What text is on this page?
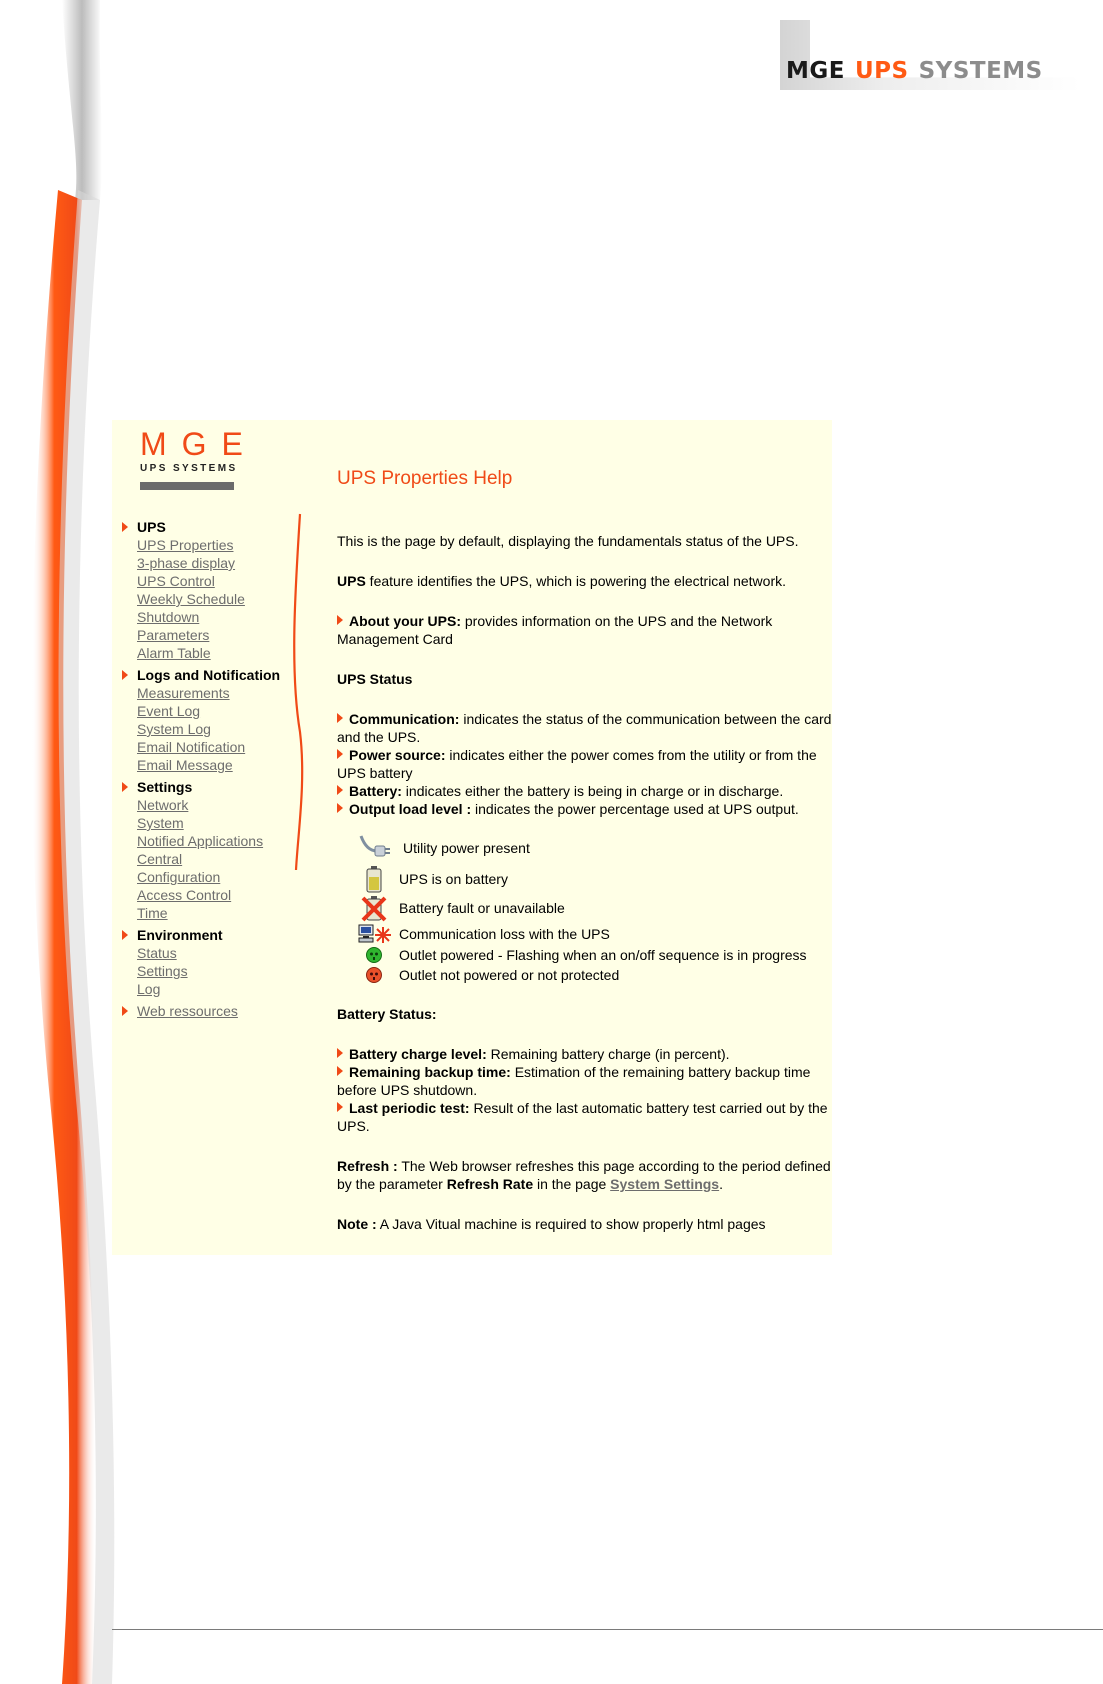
MGE UPS SYSTEMS
MGE
UPS SYSTEMS
UPS
UPS Properties
3-phase display
UPS Control
Weekly Schedule
Shutdown
Parameters
Alarm Table
Logs and Notification
Measurements
Event Log
System Log
Email Notification
Email Message
Settings
Network
System
Notified Applications
Central
Configuration
Access Control
Time
Environment
Status
Settings
Log
Web ressources
UPS Properties Help

This is the page by default, displaying the fundamentals status of the UPS.

UPS feature identifies the UPS, which is powering the electrical network.

About your UPS: provides information on the UPS and the Network Management Card

UPS Status

Communication: indicates the status of the communication between the card and the UPS.

Power source: indicates either the power comes from the utility or from the UPS battery

Battery: indicates either the battery is being in charge or in discharge.

Output load level : indicates the power percentage used at UPS output.

Utility power present
UPS is on battery
Battery fault or unavailable
Communication loss with the UPS
Outlet powered - Flashing when an on/off sequence is in progress
Outlet not powered or not protected

Battery Status:

Battery charge level: Remaining battery charge (in percent).

Remaining backup time: Estimation of the remaining battery backup time before UPS shutdown.

Last periodic test: Result of the last automatic battery test carried out by the UPS.

Refresh : The Web browser refreshes this page according to the period defined by the parameter Refresh Rate in the page System Settings.

Note : A Java Vitual machine is required to show properly html pages
